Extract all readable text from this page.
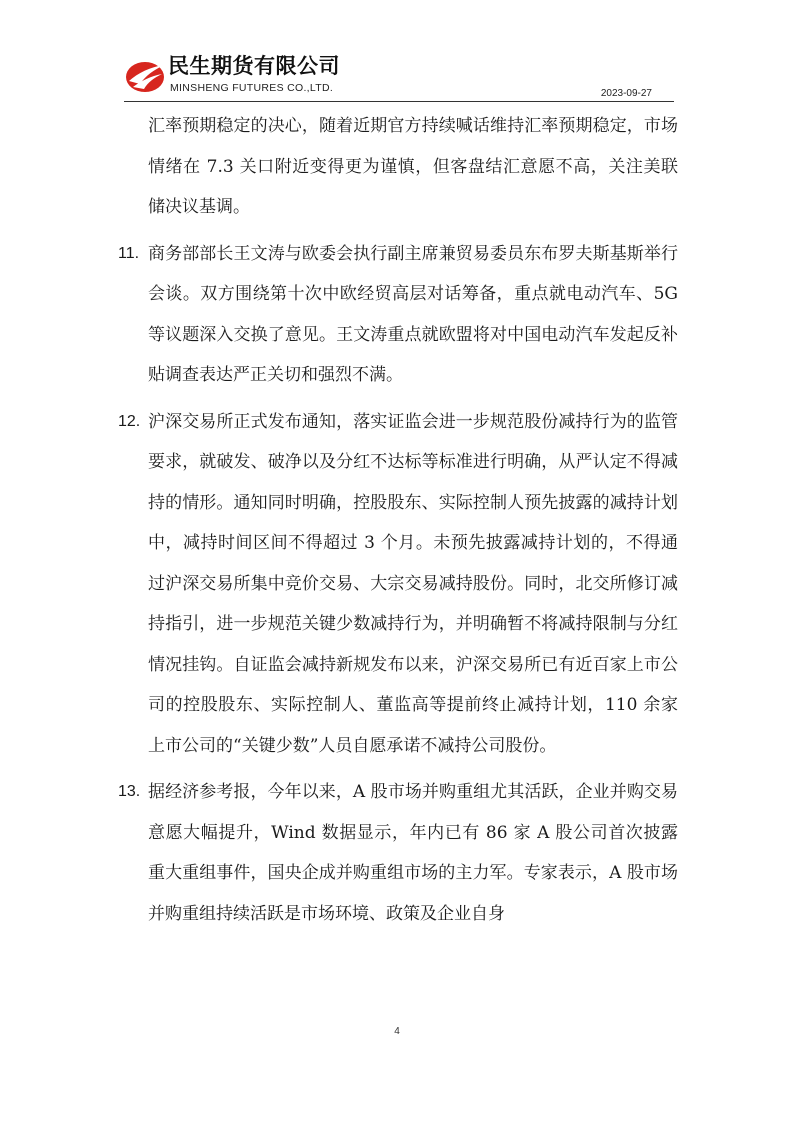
民生期货有限公司
MINSHENG FUTURES CO.,LTD.	2023-09-27

汇率预期稳定的决心，随着近期官方持续喊话维持汇率预期稳定，市场情绪在 7.3 关口附近变得更为谨慎，但客盘结汇意愿不高，关注美联储决议基调。

11. 商务部部长王文涛与欧委会执行副主席兼贸易委员东布罗夫斯基斯举行会谈。双方围绕第十次中欧经贸高层对话筹备，重点就电动汽车、5G 等议题深入交换了意见。王文涛重点就欧盟将对中国电动汽车发起反补贴调查表达严正关切和强烈不满。

12. 沪深交易所正式发布通知，落实证监会进一步规范股份减持行为的监管要求，就破发、破净以及分红不达标等标准进行明确，从严认定不得减持的情形。通知同时明确，控股股东、实际控制人预先披露的减持计划中，减持时间区间不得超过 3 个月。未预先披露减持计划的，不得通过沪深交易所集中竞价交易、大宗交易减持股份。同时，北交所修订减持指引，进一步规范关键少数减持行为，并明确暂不将减持限制与分红情况挂钩。自证监会减持新规发布以来，沪深交易所已有近百家上市公司的控股股东、实际控制人、董监高等提前终止减持计划，110 余家上市公司的“关键少数”人员自愿承诺不减持公司股份。

13. 据经济参考报，今年以来，A 股市场并购重组尤其活跃，企业并购交易意愿大幅提升，Wind 数据显示，年内已有 86 家 A 股公司首次披露重大重组事件，国央企成并购重组市场的主力军。专家表示，A 股市场并购重组持续活跃是市场环境、政策及企业自身

4
